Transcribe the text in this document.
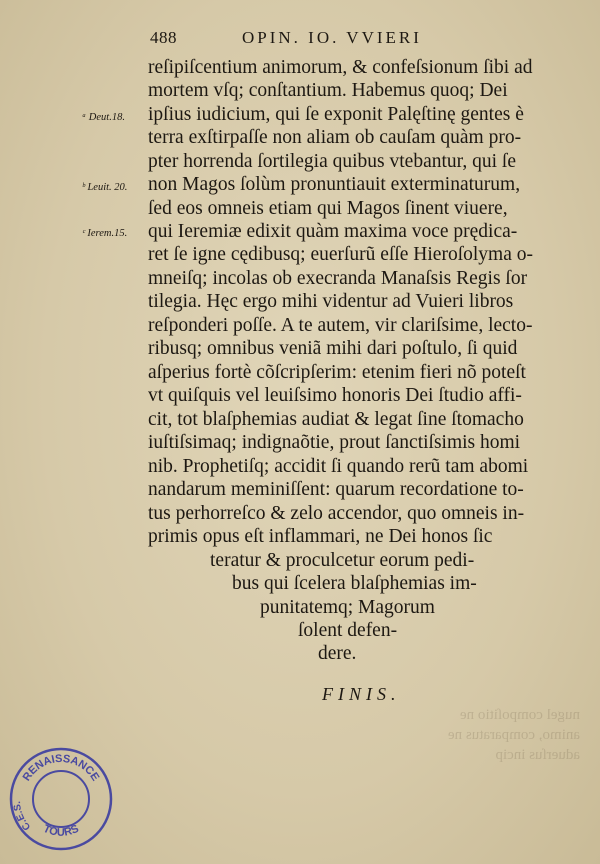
nugel compoſitio ne
animo, comparatus ne
aduerſus incip
488	OPIN. IO. VVIERI
ᵃ Deut.18.
ᵇ Leuit. 20.
ᶜ Ierem.15.
reſipiſcentium animorum, & confeſsionum ſibi ad
mortem vſq; conſtantium. Habemus quoq; Dei
ipſius iudicium, qui ſe exponit Palęſtinę gentes è
terra exſtirpaſſe non aliam ob cauſam quàm pro-
pter horrenda ſortilegia quibus vtebantur, qui ſe
non Magos ſolùm pronuntiauit exterminaturum,
ſed eos omneis etiam qui Magos ſinent viuere,
qui Ieremiæ edixit quàm maxima voce prędica-
ret ſe igne cędibusq; euerſurũ eſſe Hieroſolyma o-
mneiſq; incolas ob execranda Manaſsis Regis ſor
tilegia. Hęc ergo mihi videntur ad Vuieri libros
reſponderi poſſe. A te autem, vir clariſsime, lecto-
ribusq; omnibus veniã mihi dari poſtulo, ſi quid
aſperius fortè cõſcripſerim: etenim fieri nõ poteſt
vt quiſquis vel leuiſsimo honoris Dei ſtudio affi-
cit, tot blaſphemias audiat & legat ſine ſtomacho
iuſtiſsimaq; indignaõtie, prout ſanctiſsimis homi
nib. Prophetiſq; accidit ſi quando rerũ tam abomi
nandarum meminiſſent: quarum recordatione to-
tus perhorreſco & zelo accendor, quo omneis in-
primis opus eſt inflammari, ne Dei honos ſic
teratur & proculcetur eorum pedi-
bus qui ſcelera blaſphemias im-
punitatemq; Magorum
ſolent defen-
dere.
FINIS.
RENAISSANCE
C.E.S.
TOURS
